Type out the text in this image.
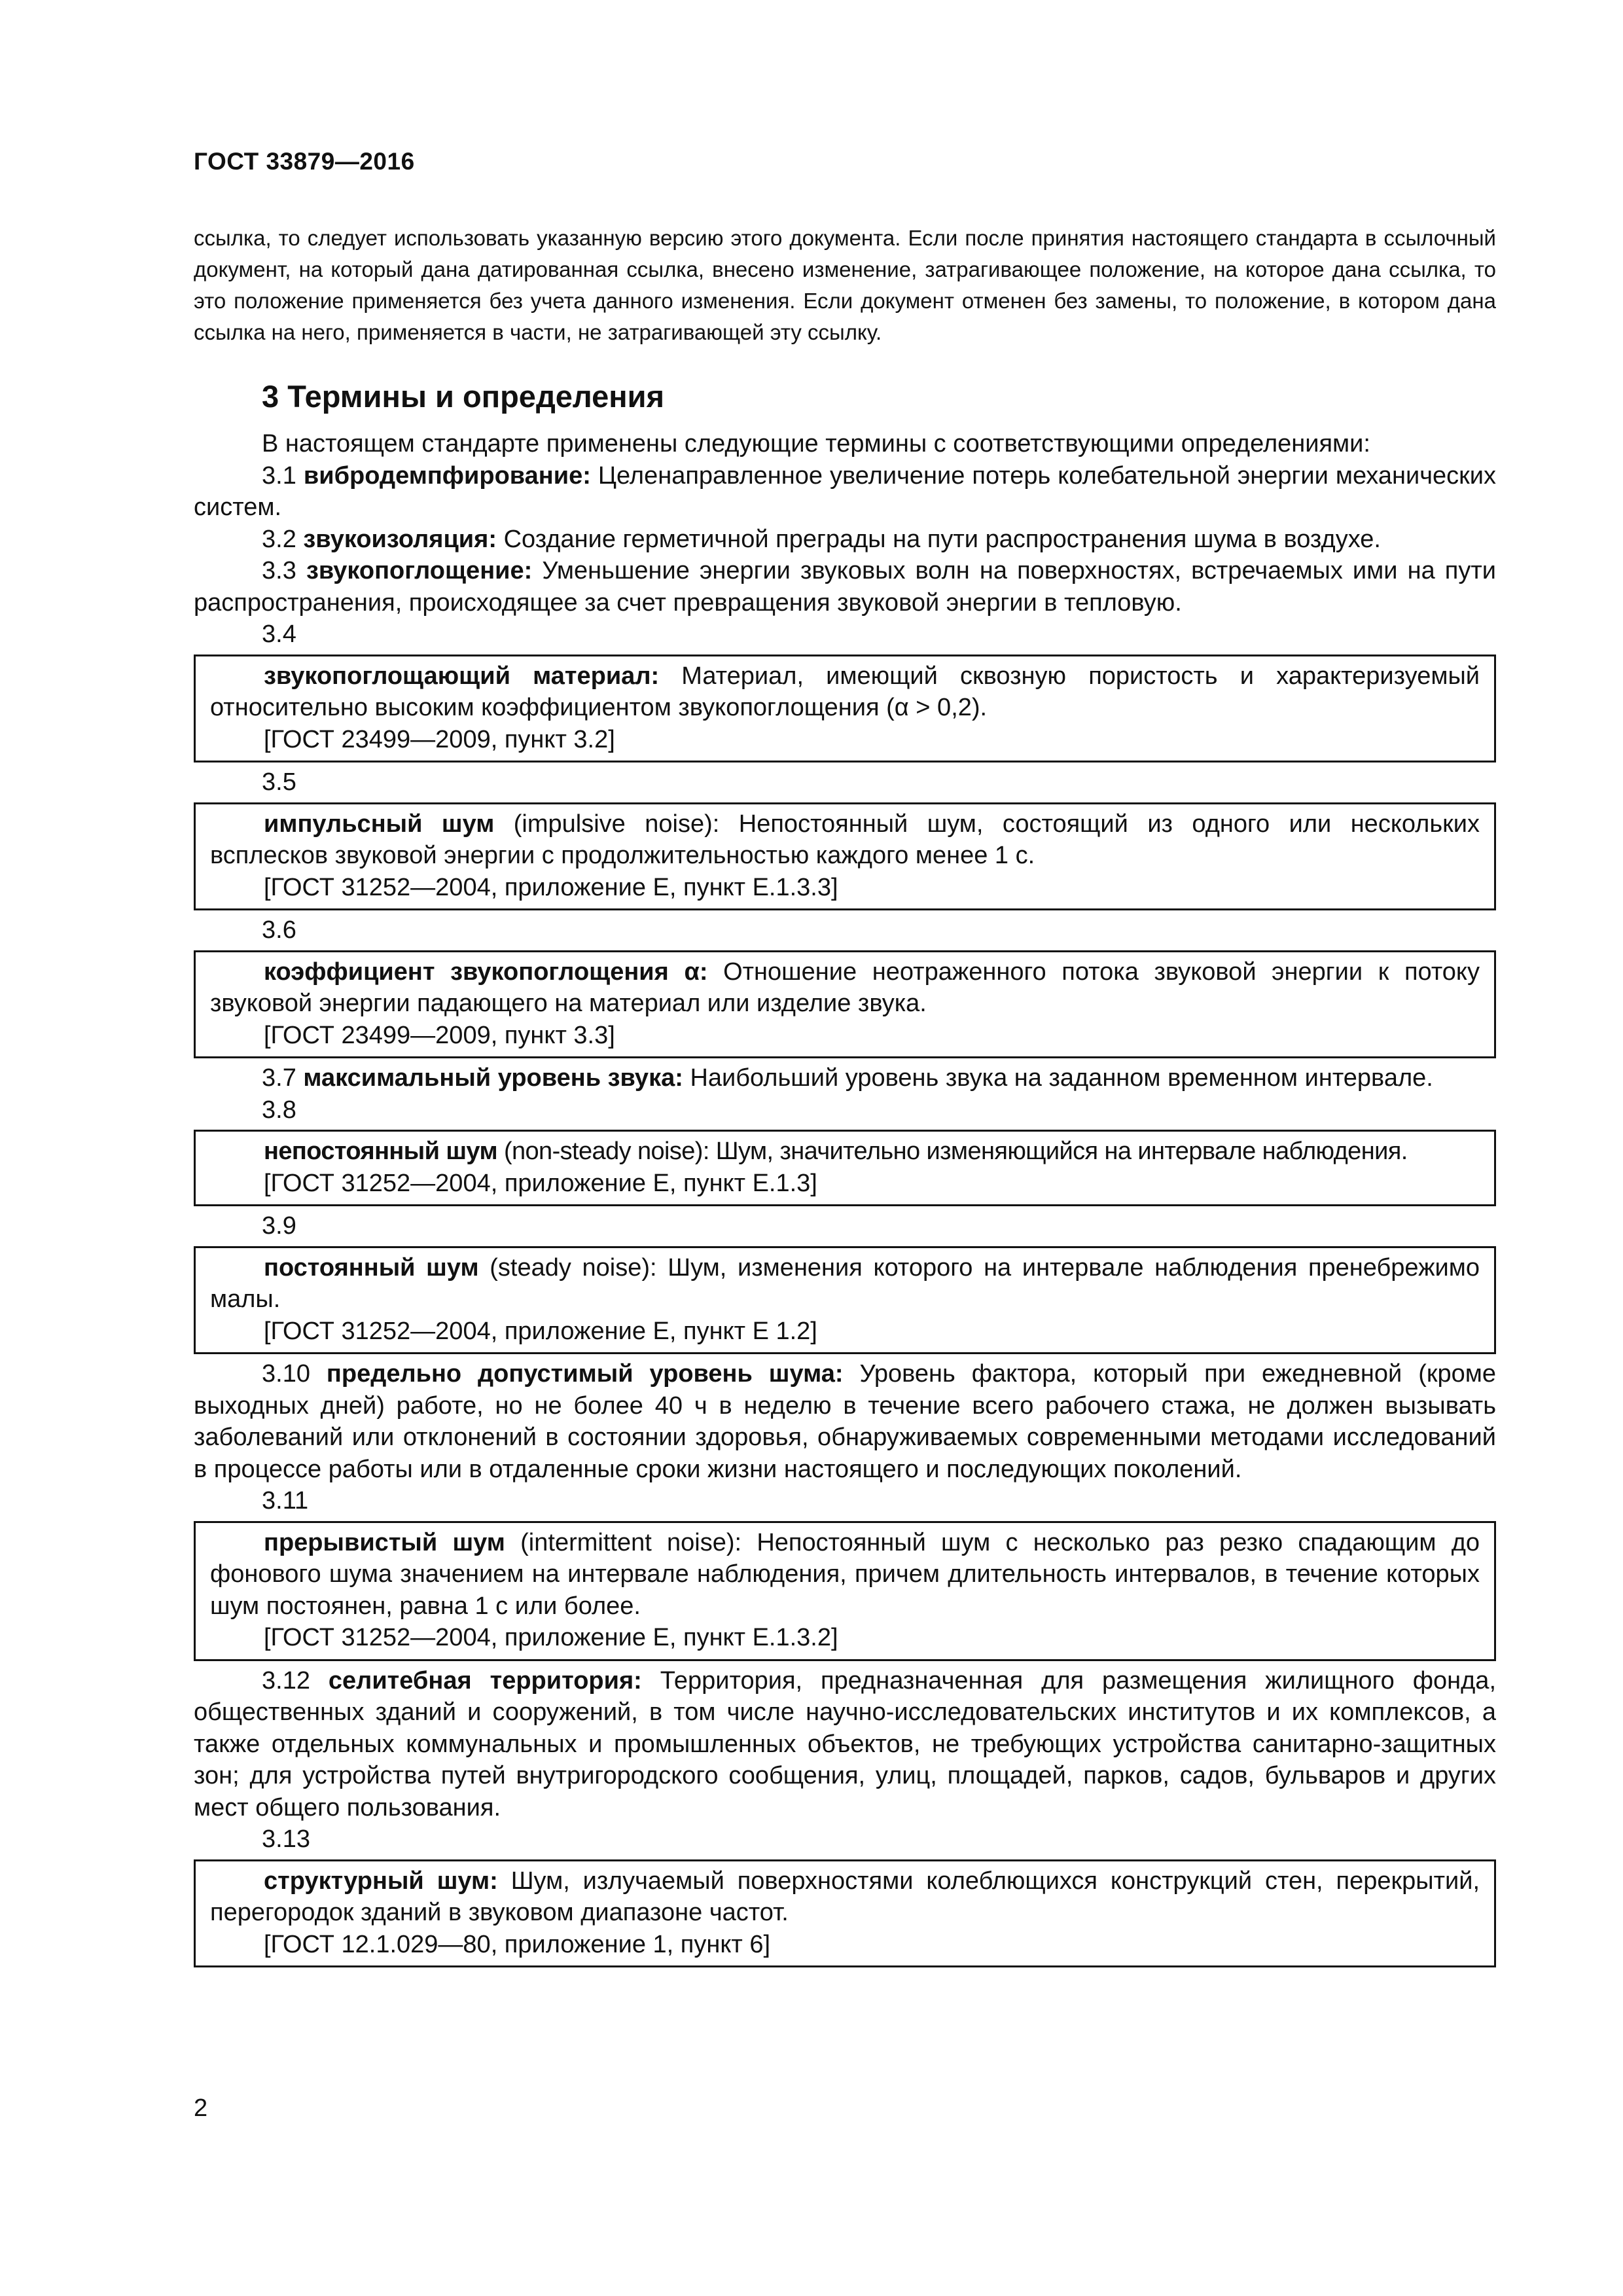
ГОСТ 33879—2016
ссылка, то следует использовать указанную версию этого документа. Если после принятия настоящего стандарта в ссылочный документ, на который дана датированная ссылка, внесено изменение, затрагивающее положение, на которое дана ссылка, то это положение применяется без учета данного изменения. Если документ отменен без замены, то положение, в котором дана ссылка на него, применяется в части, не затрагивающей эту ссылку.
3 Термины и определения

В настоящем стандарте применены следующие термины с соответствующими определениями:

3.1 вибродемпфирование: Целенаправленное увеличение потерь колебательной энергии механических систем.

3.2 звукоизоляция: Создание герметичной преграды на пути распространения шума в воздухе.

3.3 звукопоглощение: Уменьшение энергии звуковых волн на поверхностях, встречаемых ими на пути распространения, происходящее за счет превращения звуковой энергии в тепловую.

3.4

звукопоглощающий материал: Материал, имеющий сквозную пористость и характеризуемый относительно высоким коэффициентом звукопоглощения (α > 0,2).

[ГОСТ 23499—2009, пункт 3.2]

3.5

импульсный шум (impulsive noise): Непостоянный шум, состоящий из одного или нескольких всплесков звуковой энергии с продолжительностью каждого менее 1 с.

[ГОСТ 31252—2004, приложение Е, пункт Е.1.3.3]

3.6

коэффициент звукопоглощения α: Отношение неотраженного потока звуковой энергии к потоку звуковой энергии падающего на материал или изделие звука.

[ГОСТ 23499—2009, пункт 3.3]

3.7 максимальный уровень звука: Наибольший уровень звука на заданном временном интервале.

3.8

непостоянный шум (non-steady noise): Шум, значительно изменяющийся на интервале наблюдения.

[ГОСТ 31252—2004, приложение Е, пункт Е.1.3]

3.9

постоянный шум (steady noise): Шум, изменения которого на интервале наблюдения пренебрежимо малы.

[ГОСТ 31252—2004, приложение Е, пункт Е 1.2]

3.10 предельно допустимый уровень шума: Уровень фактора, который при ежедневной (кроме выходных дней) работе, но не более 40 ч в неделю в течение всего рабочего стажа, не должен вызывать заболеваний или отклонений в состоянии здоровья, обнаруживаемых современными методами исследований в процессе работы или в отдаленные сроки жизни настоящего и последующих поколений.

3.11

прерывистый шум (intermittent noise): Непостоянный шум с несколько раз резко спадающим до фонового шума значением на интервале наблюдения, причем длительность интервалов, в течение которых шум постоянен, равна 1 с или более.

[ГОСТ 31252—2004, приложение Е, пункт Е.1.3.2]

3.12 селитебная территория: Территория, предназначенная для размещения жилищного фонда, общественных зданий и сооружений, в том числе научно-исследовательских институтов и их комплексов, а также отдельных коммунальных и промышленных объектов, не требующих устройства санитарно-защитных зон; для устройства путей внутригородского сообщения, улиц, площадей, парков, садов, бульваров и других мест общего пользования.

3.13

структурный шум: Шум, излучаемый поверхностями колеблющихся конструкций стен, перекрытий, перегородок зданий в звуковом диапазоне частот.

[ГОСТ 12.1.029—80, приложение 1, пункт 6]

2
